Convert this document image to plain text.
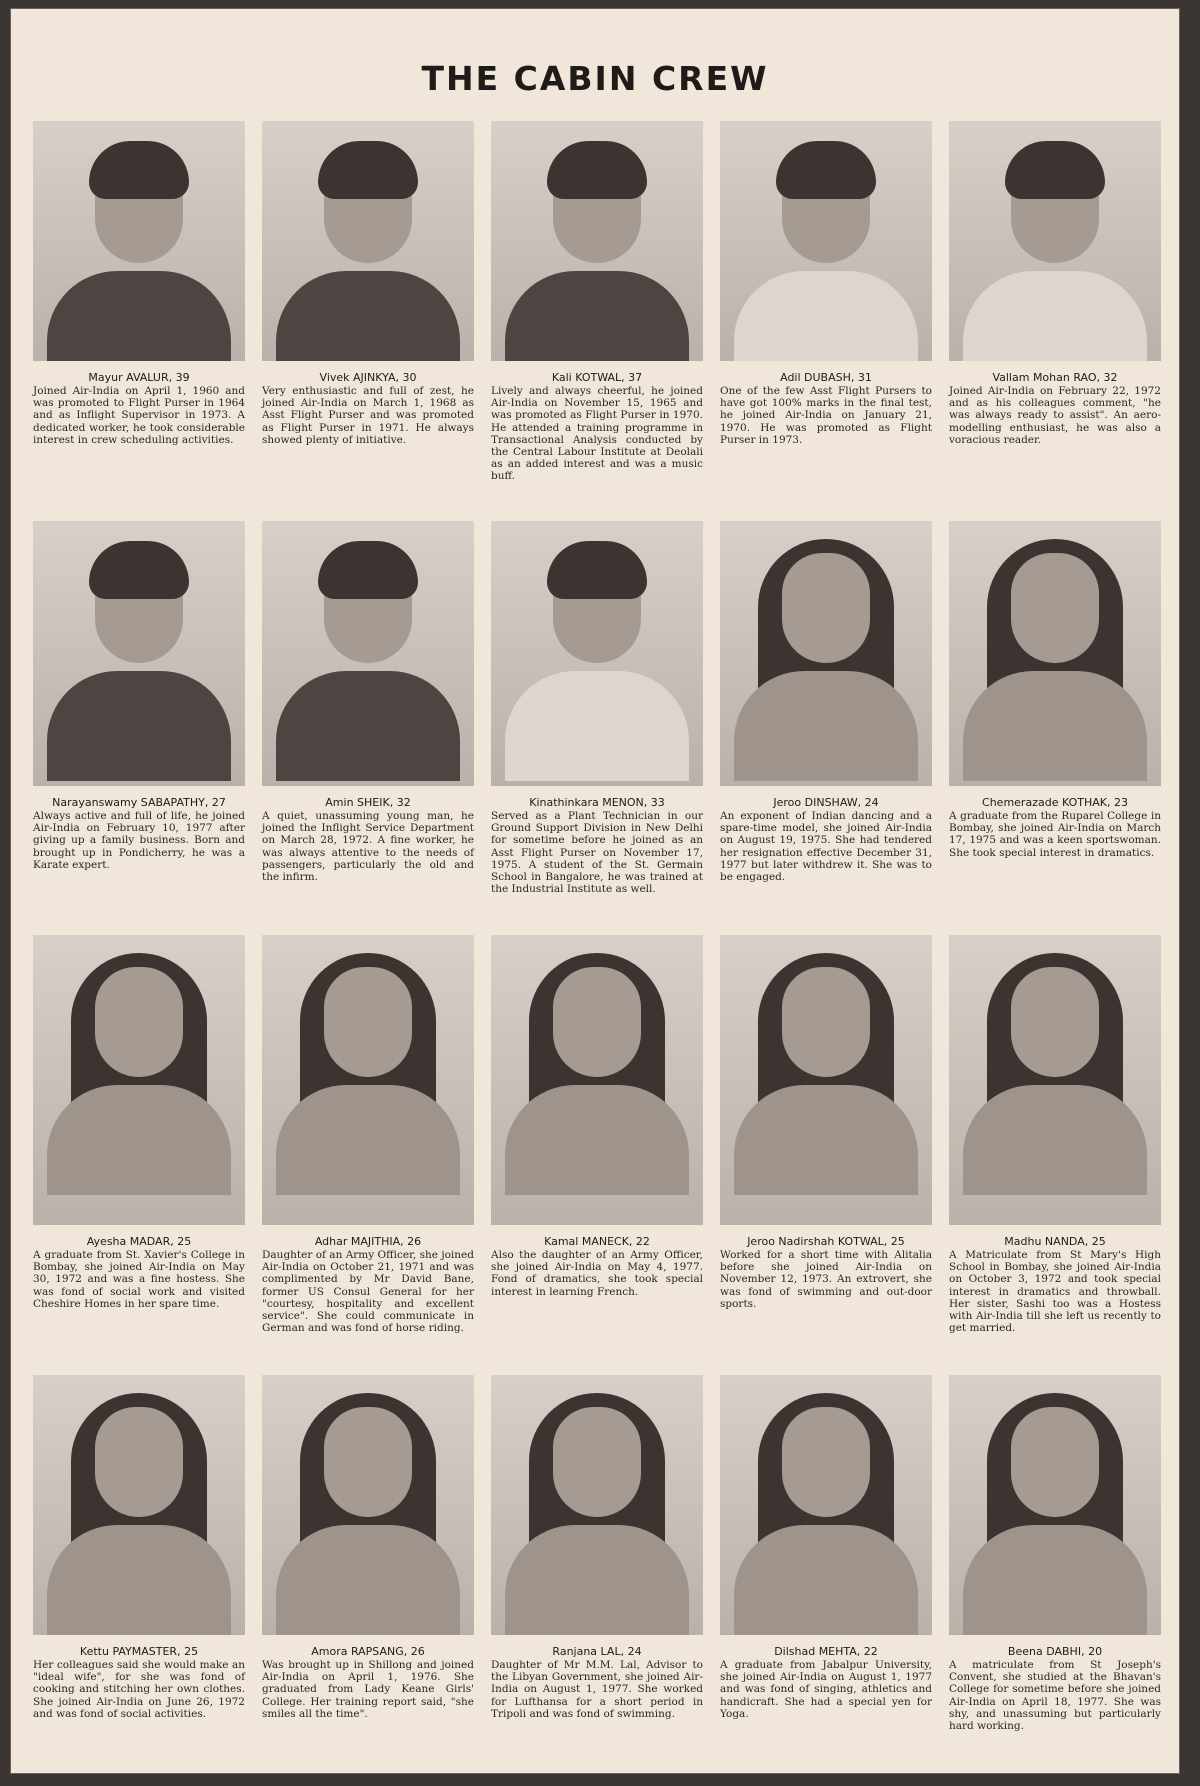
THE CABIN CREW
Mayur AVALUR, 39
Joined Air-India on April 1, 1960 and was promoted to Flight Purser in 1964 and as Inflight Supervisor in 1973. A dedicated worker, he took considerable interest in crew scheduling activities.
Vivek AJINKYA, 30
Very enthusiastic and full of zest, he joined Air-India on March 1, 1968 as Asst Flight Purser and was promoted as Flight Purser in 1971. He always showed plenty of initiative.
Kali KOTWAL, 37
Lively and always cheerful, he joined Air-India on November 15, 1965 and was promoted as Flight Purser in 1970. He attended a training programme in Transactional Analysis conducted by the Central Labour Institute at Deolali as an added interest and was a music buff.
Adil DUBASH, 31
One of the few Asst Flight Pursers to have got 100% marks in the final test, he joined Air-India on January 21, 1970. He was promoted as Flight Purser in 1973.
Vallam Mohan RAO, 32
Joined Air-India on February 22, 1972 and as his colleagues comment, "he was always ready to assist". An aero-modelling enthusiast, he was also a voracious reader.
Narayanswamy SABAPATHY, 27
Always active and full of life, he joined Air-India on February 10, 1977 after giving up a family business. Born and brought up in Pondicherry, he was a Karate expert.
Amin SHEIK, 32
A quiet, unassuming young man, he joined the Inflight Service Department on March 28, 1972. A fine worker, he was always attentive to the needs of passengers, particularly the old and the infirm.
Kinathinkara MENON, 33
Served as a Plant Technician in our Ground Support Division in New Delhi for sometime before he joined as an Asst Flight Purser on November 17, 1975. A student of the St. Germain School in Bangalore, he was trained at the Industrial Institute as well.
Jeroo DINSHAW, 24
An exponent of Indian dancing and a spare-time model, she joined Air-India on August 19, 1975. She had tendered her resignation effective December 31, 1977 but later withdrew it. She was to be engaged.
Chemerazade KOTHAK, 23
A graduate from the Ruparel College in Bombay, she joined Air-India on March 17, 1975 and was a keen sportswoman. She took special interest in dramatics.
Ayesha MADAR, 25
A graduate from St. Xavier's College in Bombay, she joined Air-India on May 30, 1972 and was a fine hostess. She was fond of social work and visited Cheshire Homes in her spare time.
Adhar MAJITHIA, 26
Daughter of an Army Officer, she joined Air-India on October 21, 1971 and was complimented by Mr David Bane, former US Consul General for her "courtesy, hospitality and excellent service". She could communicate in German and was fond of horse riding.
Kamal MANECK, 22
Also the daughter of an Army Officer, she joined Air-India on May 4, 1977. Fond of dramatics, she took special interest in learning French.
Jeroo Nadirshah KOTWAL, 25
Worked for a short time with Alitalia before she joined Air-India on November 12, 1973. An extrovert, she was fond of swimming and out-door sports.
Madhu NANDA, 25
A Matriculate from St Mary's High School in Bombay, she joined Air-India on October 3, 1972 and took special interest in dramatics and throwball. Her sister, Sashi too was a Hostess with Air-India till she left us recently to get married.
Kettu PAYMASTER, 25
Her colleagues said she would make an "ideal wife", for she was fond of cooking and stitching her own clothes. She joined Air-India on June 26, 1972 and was fond of social activities.
Amora RAPSANG, 26
Was brought up in Shillong and joined Air-India on April 1, 1976. She graduated from Lady Keane Girls' College. Her training report said, "she smiles all the time".
Ranjana LAL, 24
Daughter of Mr M.M. Lal, Advisor to the Libyan Government, she joined Air-India on August 1, 1977. She worked for Lufthansa for a short period in Tripoli and was fond of swimming.
Dilshad MEHTA, 22
A graduate from Jabalpur University, she joined Air-India on August 1, 1977 and was fond of singing, athletics and handicraft. She had a special yen for Yoga.
Beena DABHI, 20
A matriculate from St Joseph's Convent, she studied at the Bhavan's College for sometime before she joined Air-India on April 18, 1977. She was shy, and unassuming but particularly hard working.
